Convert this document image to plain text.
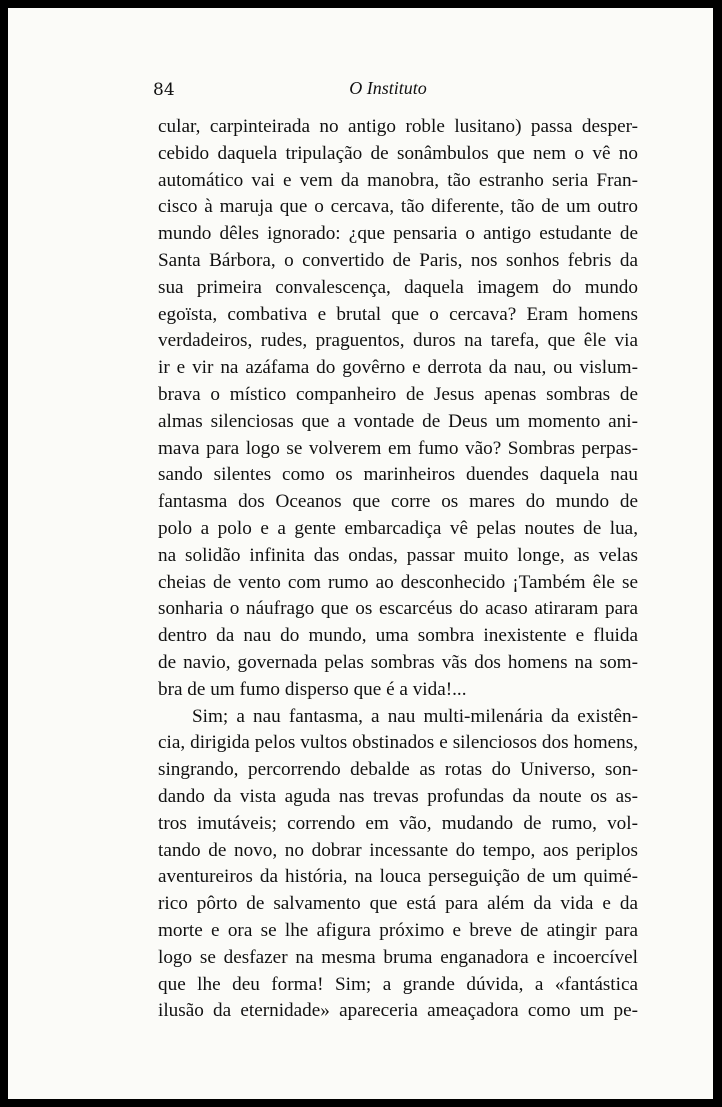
84	O Instituto
cular, carpinteirada no antigo roble lusitano) passa desper-
cebido daquela tripulação de sonâmbulos que nem o vê no
automático vai e vem da manobra, tão estranho seria Fran-
cisco à maruja que o cercava, tão diferente, tão de um outro
mundo dêles ignorado: ¿que pensaria o antigo estudante de
Santa Bárbora, o convertido de Paris, nos sonhos febris da
sua primeira convalescença, daquela imagem do mundo
egoïsta, combativa e brutal que o cercava? Eram homens
verdadeiros, rudes, praguentos, duros na tarefa, que êle via
ir e vir na azáfama do govêrno e derrota da nau, ou vislum-
brava o místico companheiro de Jesus apenas sombras de
almas silenciosas que a vontade de Deus um momento ani-
mava para logo se volverem em fumo vão? Sombras perpas-
sando silentes como os marinheiros duendes daquela nau
fantasma dos Oceanos que corre os mares do mundo de
polo a polo e a gente embarcadiça vê pelas noutes de lua,
na solidão infinita das ondas, passar muito longe, as velas
cheias de vento com rumo ao desconhecido ¡Também êle se
sonharia o náufrago que os escarcéus do acaso atiraram para
dentro da nau do mundo, uma sombra inexistente e fluida
de navio, governada pelas sombras vãs dos homens na som-
bra de um fumo disperso que é a vida!...
Sim; a nau fantasma, a nau multi-milenária da existên-
cia, dirigida pelos vultos obstinados e silenciosos dos homens,
singrando, percorrendo debalde as rotas do Universo, son-
dando da vista aguda nas trevas profundas da noute os as-
tros imutáveis; correndo em vão, mudando de rumo, vol-
tando de novo, no dobrar incessante do tempo, aos periplos
aventureiros da história, na louca perseguição de um quimé-
rico pôrto de salvamento que está para além da vida e da
morte e ora se lhe afigura próximo e breve de atingir para
logo se desfazer na mesma bruma enganadora e incoercível
que lhe deu forma! Sim; a grande dúvida, a «fantástica
ilusão da eternidade» apareceria ameaçadora como um pe-
